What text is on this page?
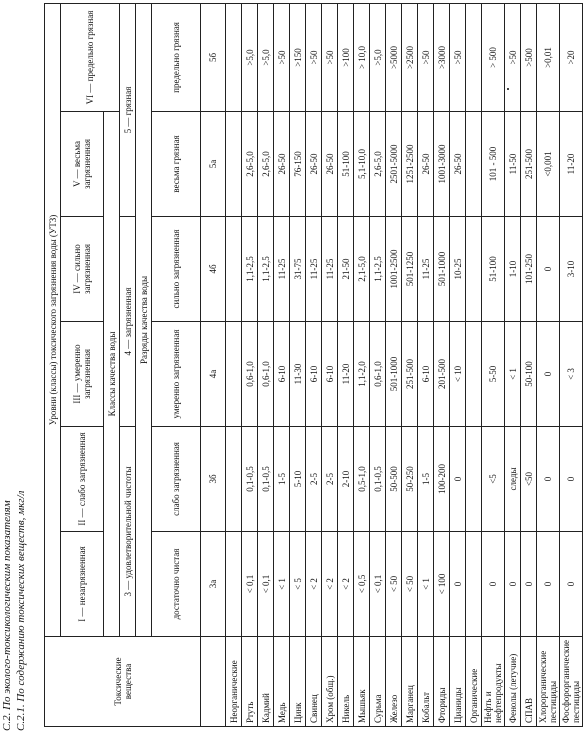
С.2. По эколого-токсикологическим показателям С.2.1. По содержанию токсических веществ, мкг/л	Токсические вещества	Уровни (классы) токсического загрязнения воды (УТЗ)					
	I — незагрязненная	II — слабо загрязненная	III — умеренно загрязненная	IV — сильно загрязненная	V — весьма загрязненная	VI — предельно грязная
	Классы качества воды					
	3 — удовлетворительной чистоты		4 — загрязненная		5 — грязная	
	Разряды качества воды					
	достаточно чистая	слабо загрязненная	умеренно загрязненная	сильно загрязненная	весьма грязная	предельно грязная
	3а	3б	4а	4б	5а	5б
Неорганические						
Ртуть	< 0,1	0,1-0,5	0,6-1,0	1,1-2,5	2,6-5,0	>5,0
Кадмий	< 0,1	0,1-0,5	0,6-1,0	1,1-2,5	2,6-5,0	>5,0
Медь	< 1	1-5	6-10	11-25	26-50	>50
Цинк	< 5	5-10	11-30	31-75	76-150	>150
Свинец	< 2	2-5	6-10	11-25	26-50	>50
Хром (общ.)	< 2	2-5	6-10	11-25	26-50	>50
Никель	< 2	2-10	11-20	21-50	51-100	>100
Мышьяк	< 0,5	0,5-1,0	1,1-2,0	2,1-5,0	5,1-10,0	> 10,0
Сурьма	< 0,1	0,1-0,5	0,6-1,0	1,1-2,5	2,6-5,0	>5,0
Железо	< 50	50-500	501-1000	1001-2500	2501-5000	>5000
Марганец	< 50	50-250	251-500	501-1250	1251-2500	>2500
Кобальт	< 1	1-5	6-10	11-25	26-50	>50
Фториды	< 100	100-200	201-500	501-1000	1001-3000	>3000
Цианиды	0	0	< 10	10-25	26-50	>50
Органические						
Нефть и нефтепродукты	0	<5	5-50	51-100	101 - 500	> 500
Фенолы (летучие)	0	следы	< 1	1-10	11-50	>50
СПАВ	0	<50	50-100	101-250	251-500	>500
Хлорорганические пестициды	0	0	0	0	<0,001	>0,01
Фосфорорганические пестициды	0	0	< 3	3-10	11-20	>20
